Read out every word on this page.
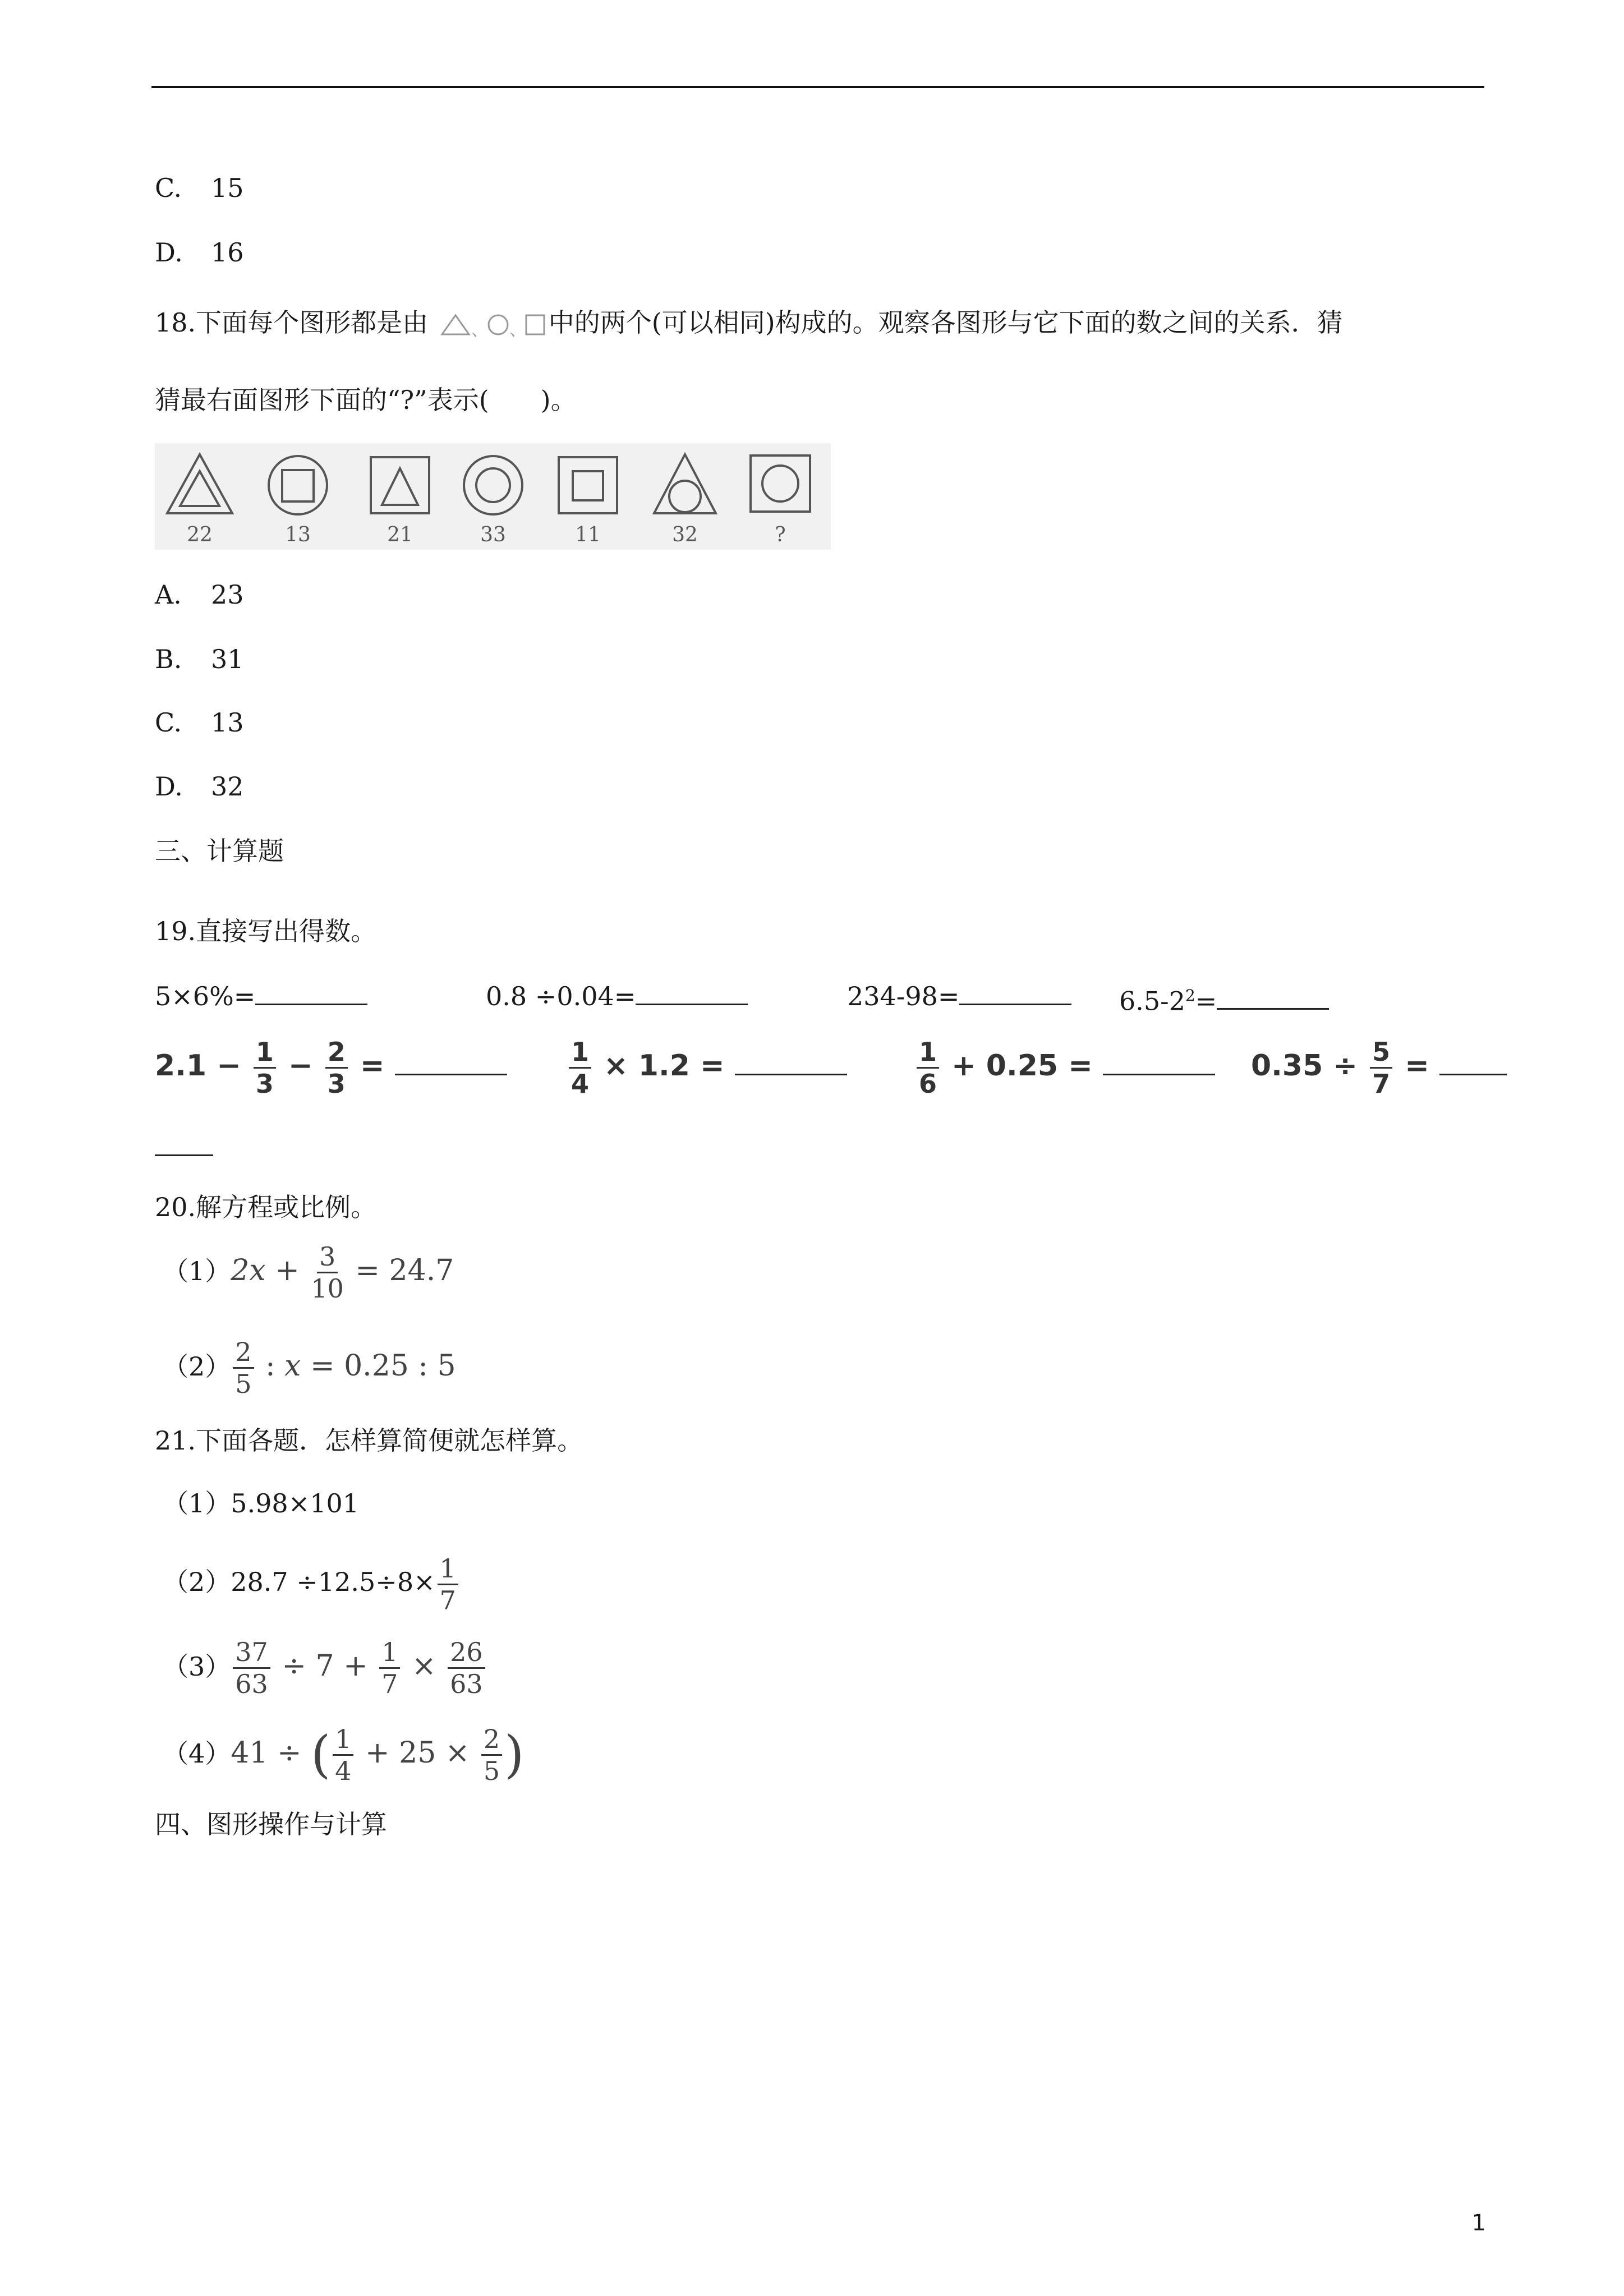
C. 15
D. 16
18.下面每个图形都是由 、 、 中的两个(可以相同)构成的。观察各图形与它下面的数之间的关系．猜
猜最右面图形下面的“?”表示(　　)。
22	13	21	33	11	32	?
A. 23
B. 31
C. 13
D. 32
三、计算题
19.直接写出得数。
5×6%=	0.8 ÷0.04=	234-98=	$6.5-2^2=$
$2.1 - \frac{1}{3} - \frac{2}{3}$ =	$\frac{1}{4} \times 1.2$ =	$\frac{1}{6} + 0.25$ =	$0.35 \div \frac{5}{7}$ =
20.解方程或比例。
$(1)2x + \frac{3}{10} = 24.7$
$(2) \frac{2}{5}$ : x = 0.25 : 5
21.下面各题．怎样算简便就怎样算。
（1）5.98×101
$(2)28.7 \div 12.5\div 8\times \frac{1}{7}$
$(3) \frac{37}{63} \div 7 + \frac{1}{7} \times \frac{26}{63}$
（4）41 ÷ ( $\frac{1}{4} + 25 \times \frac{2}{5}$ )
四、图形操作与计算
1
